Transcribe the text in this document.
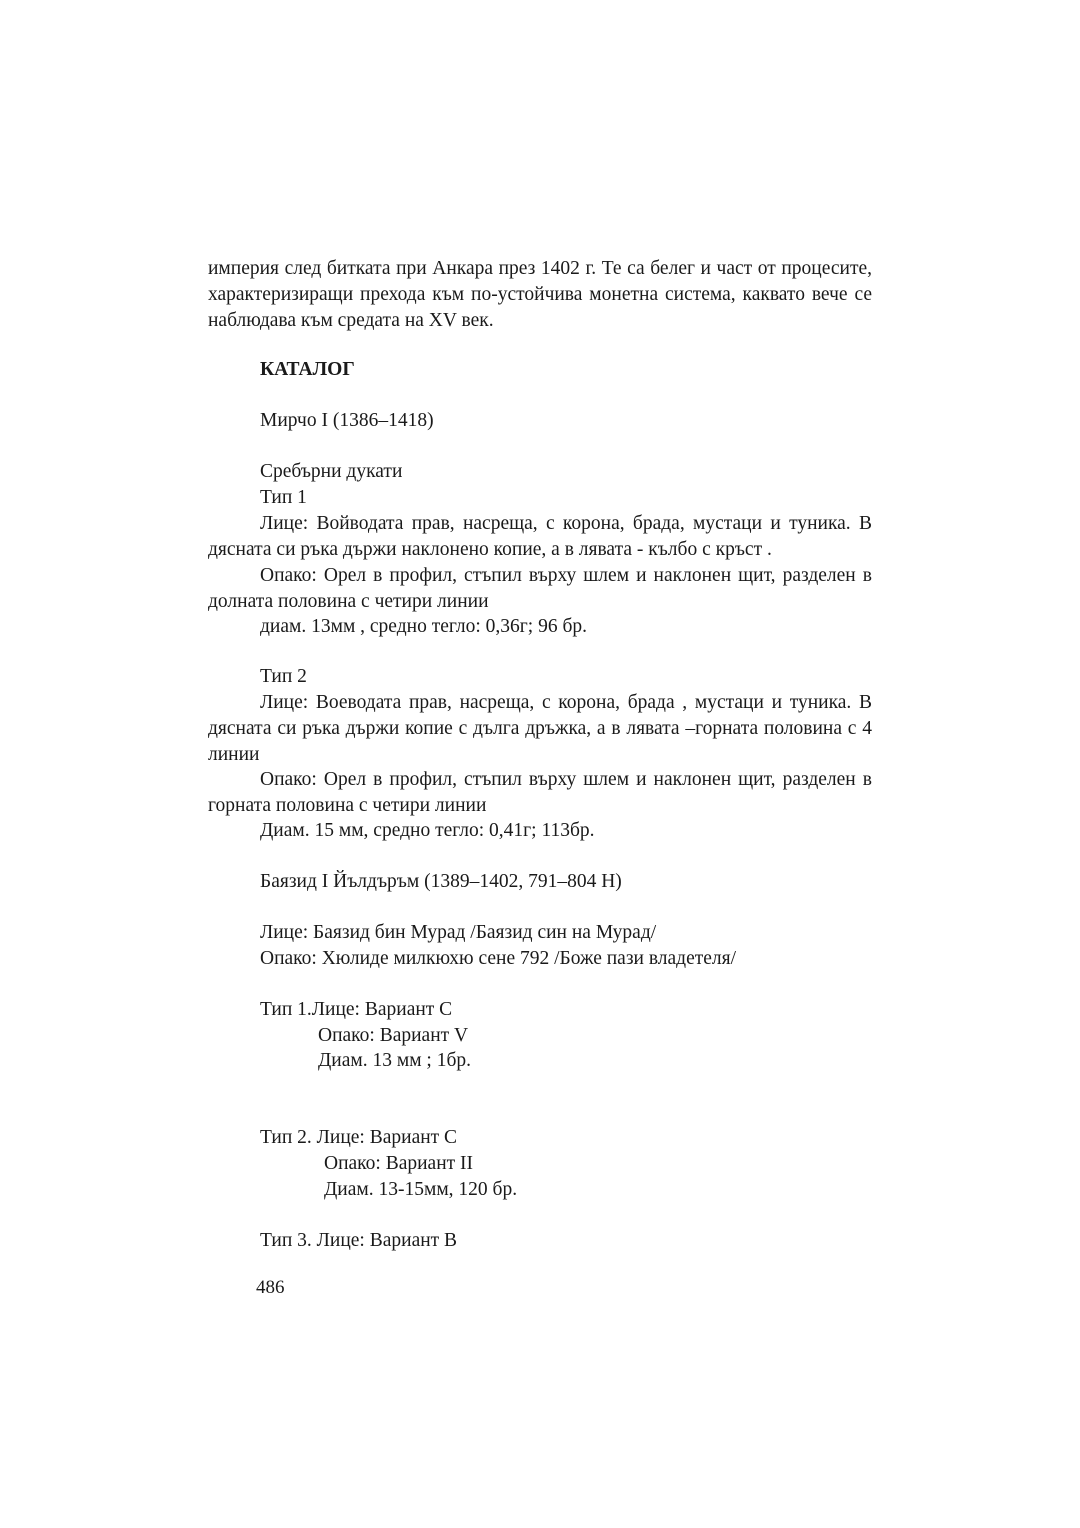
империя след битката при Анкара през 1402 г. Те са белег и част от процесите, характеризиращи прехода към по-устойчива монетна система, каквато вече се наблюдава към средата на XV век.

КАТАЛОГ
Мирчо I (1386–1418)
Сребърни дукати
Тип 1

Лице: Войводата прав, насреща, с корона, брада, мустаци и туника. В дясната си ръка държи наклонено копие, а в лявата - кълбо с кръст .

Опако: Орел в профил, стъпил върху шлем и наклонен щит, разделен в долната половина с четири линии

диам. 13мм , средно тегло: 0,36г; 96 бр.
Тип 2

Лице: Воеводата прав, насреща, с корона, брада , мустаци и туника. В дясната си ръка държи копие с дълга дръжка, а в лявата –горната половина с 4 линии

Опако: Орел в профил, стъпил върху шлем и наклонен щит, разделен в горната половина с четири линии

Диам. 15 мм, средно тегло: 0,41г; 113бр.
Баязид I Йълдъръм (1389–1402, 791–804 Н)
Лице: Баязид бин Мурад /Баязид син на Мурад/
Опако: Хюлиде милкюхю сене 792 /Боже пази владетеля/
Тип 1.Лице: Вариант С
Опако: Вариант V
Диам. 13 мм ; 1бр.
Тип 2. Лице: Вариант С
Опако: Вариант II
Диам. 13-15мм, 120 бр.
Тип 3. Лице: Вариант В
486
